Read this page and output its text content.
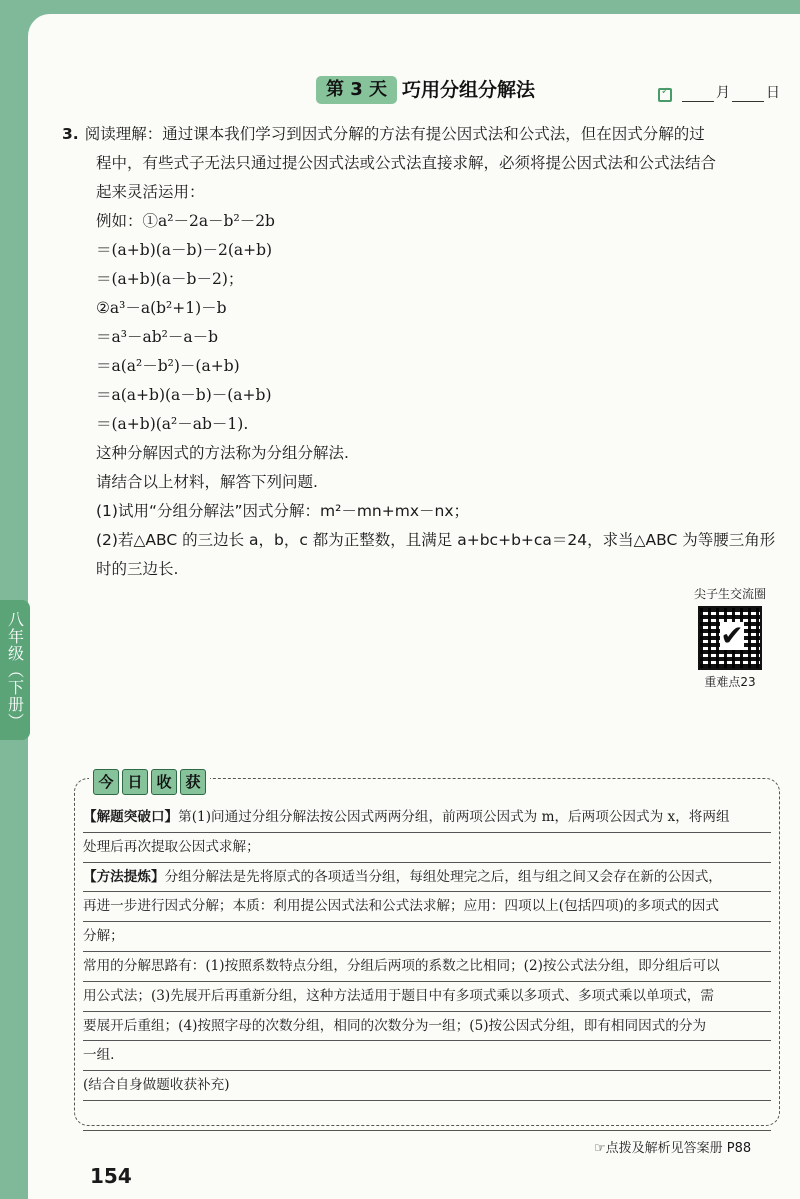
第 3 天 巧用分组分解法
✓	月	日
3. 阅读理解：通过课本我们学习到因式分解的方法有提公因式法和公式法，但在因式分解的过
程中，有些式子无法只通过提公因式法或公式法直接求解，必须将提公因式法和公式法结合
起来灵活运用：
例如：①a²－2a－b²－2b
＝(a+b)(a－b)－2(a+b)
＝(a+b)(a－b－2)；
②a³－a(b²+1)－b
＝a³－ab²－a－b
＝a(a²－b²)－(a+b)
＝a(a+b)(a－b)－(a+b)
＝(a+b)(a²－ab－1).
这种分解因式的方法称为分组分解法.
请结合以上材料，解答下列问题.
(1)试用“分组分解法”因式分解：m²－mn+mx－nx；
(2)若△ABC 的三边长 a，b，c 都为正整数，且满足 a+bc+b+ca＝24，求当△ABC 为等腰三角形
时的三边长.
尖子生交流圈
✔
重难点23
今 日 收 获
【解题突破口】第(1)问通过分组分解法按公因式两两分组，前两项公因式为 m，后两项公因式为 x，将两组
处理后再次提取公因式求解；
【方法提炼】分组分解法是先将原式的各项适当分组，每组处理完之后，组与组之间又会存在新的公因式，
再进一步进行因式分解；本质：利用提公因式法和公式法求解；应用：四项以上(包括四项)的多项式的因式
分解；
常用的分解思路有：(1)按照系数特点分组，分组后两项的系数之比相同；(2)按公式法分组，即分组后可以
用公式法；(3)先展开后再重新分组，这种方法适用于题目中有多项式乘以多项式、多项式乘以单项式，需
要展开后重组；(4)按照字母的次数分组，相同的次数分为一组；(5)按公因式分组，即有相同因式的分为
一组.
(结合自身做题收获补充)
☞点拨及解析见答案册 P88
154
八年级（下册）
